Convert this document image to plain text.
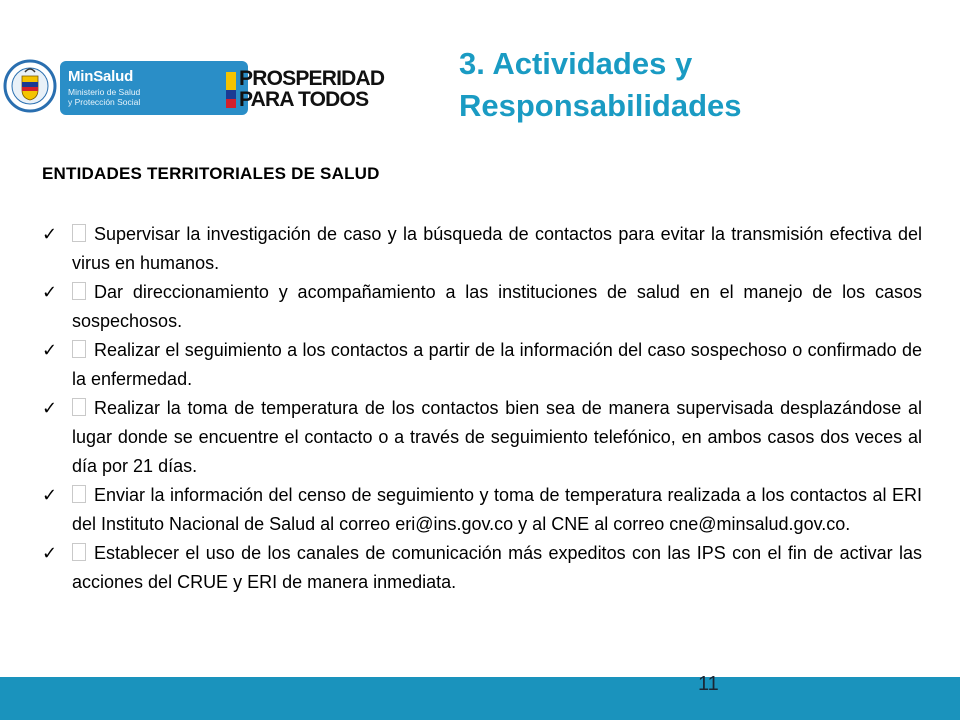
MinSalud
Ministerio de Salud
y Protección Social
PROSPERIDAD
PARA TODOS
3. Actividades y Responsabilidades
ENTIDADES TERRITORIALES DE SALUD
✓ Supervisar la investigación de caso y la búsqueda de contactos para evitar la transmisión efectiva del virus en humanos.
✓ Dar direccionamiento y acompañamiento a las instituciones de salud en el manejo de los casos sospechosos.
✓ Realizar el seguimiento a los contactos a partir de la información del caso sospechoso o confirmado de la enfermedad.
✓ Realizar la toma de temperatura de los contactos bien sea de manera supervisada desplazándose al lugar donde se encuentre el contacto o a través de seguimiento telefónico, en ambos casos dos veces al día por 21 días.
✓ Enviar la información del censo de seguimiento y toma de temperatura realizada a los contactos al ERI del Instituto Nacional de Salud al correo eri@ins.gov.co y al CNE al correo cne@minsalud.gov.co.
✓ Establecer el uso de los canales de comunicación más expeditos con las IPS con el fin de activar las acciones del CRUE y ERI de manera inmediata.
11
